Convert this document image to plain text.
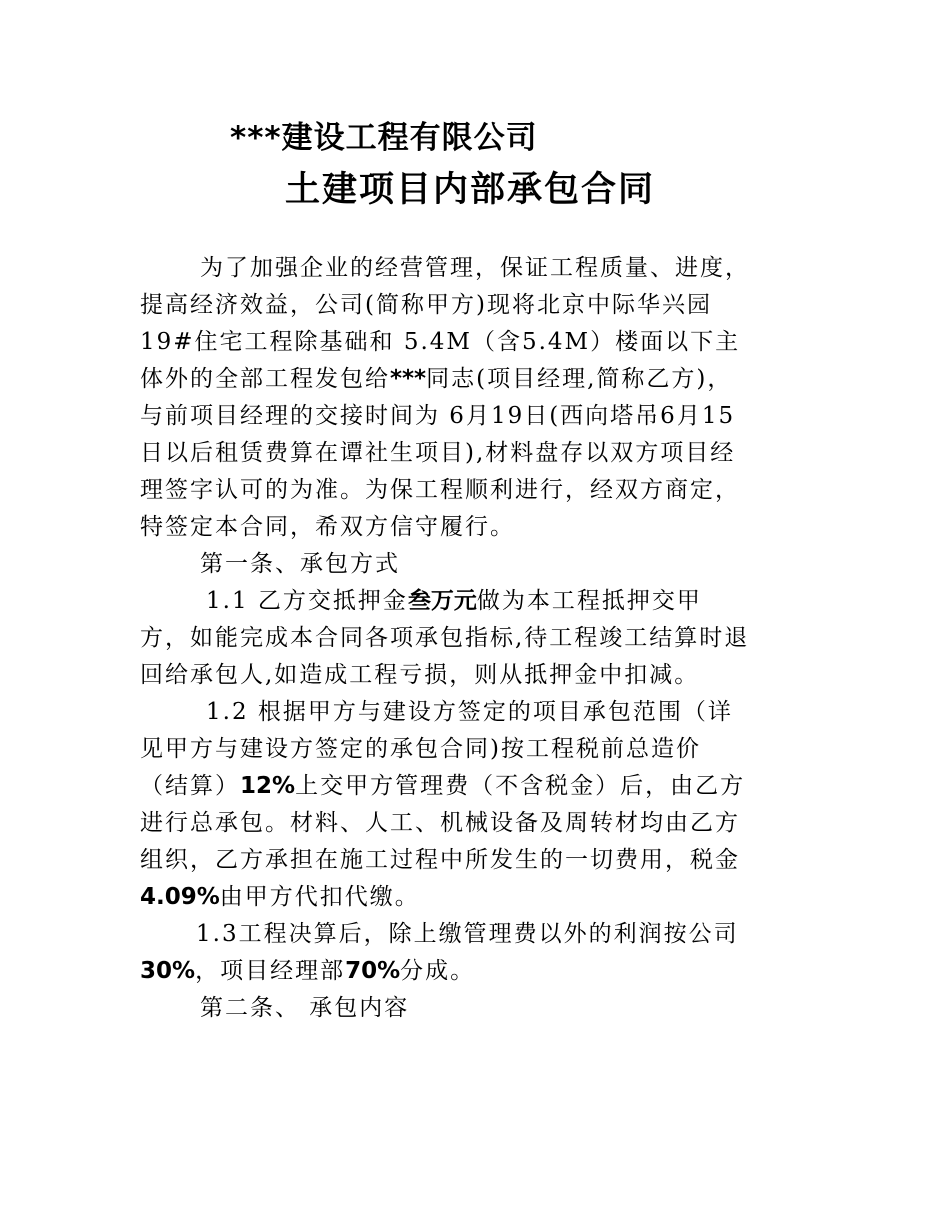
***建设工程有限公司
土建项目内部承包合同

为了加强企业的经营管理，保证工程质量、进度，提高经济效益，公司(简称甲方)现将北京中际华兴园19#住宅工程除基础和 5.4M（含5.4M）楼面以下主体外的全部工程发包给***同志(项目经理,简称乙方)，与前项目经理的交接时间为 6月19日(西向塔吊6月15日以后租赁费算在谭社生项目),材料盘存以双方项目经理签字认可的为准。为保工程顺利进行，经双方商定，特签定本合同，希双方信守履行。

第一条、承包方式

1.1 乙方交抵押金叁万元做为本工程抵押交甲方，如能完成本合同各项承包指标,待工程竣工结算时退回给承包人,如造成工程亏损，则从抵押金中扣减。

1.2 根据甲方与建设方签定的项目承包范围（详见甲方与建设方签定的承包合同)按工程税前总造价（结算）12%上交甲方管理费（不含税金）后，由乙方进行总承包。材料、人工、机械设备及周转材均由乙方组织，乙方承担在施工过程中所发生的一切费用，税金4.09%由甲方代扣代缴。

1.3工程决算后，除上缴管理费以外的利润按公司30%，项目经理部70%分成。

第二条、 承包内容
